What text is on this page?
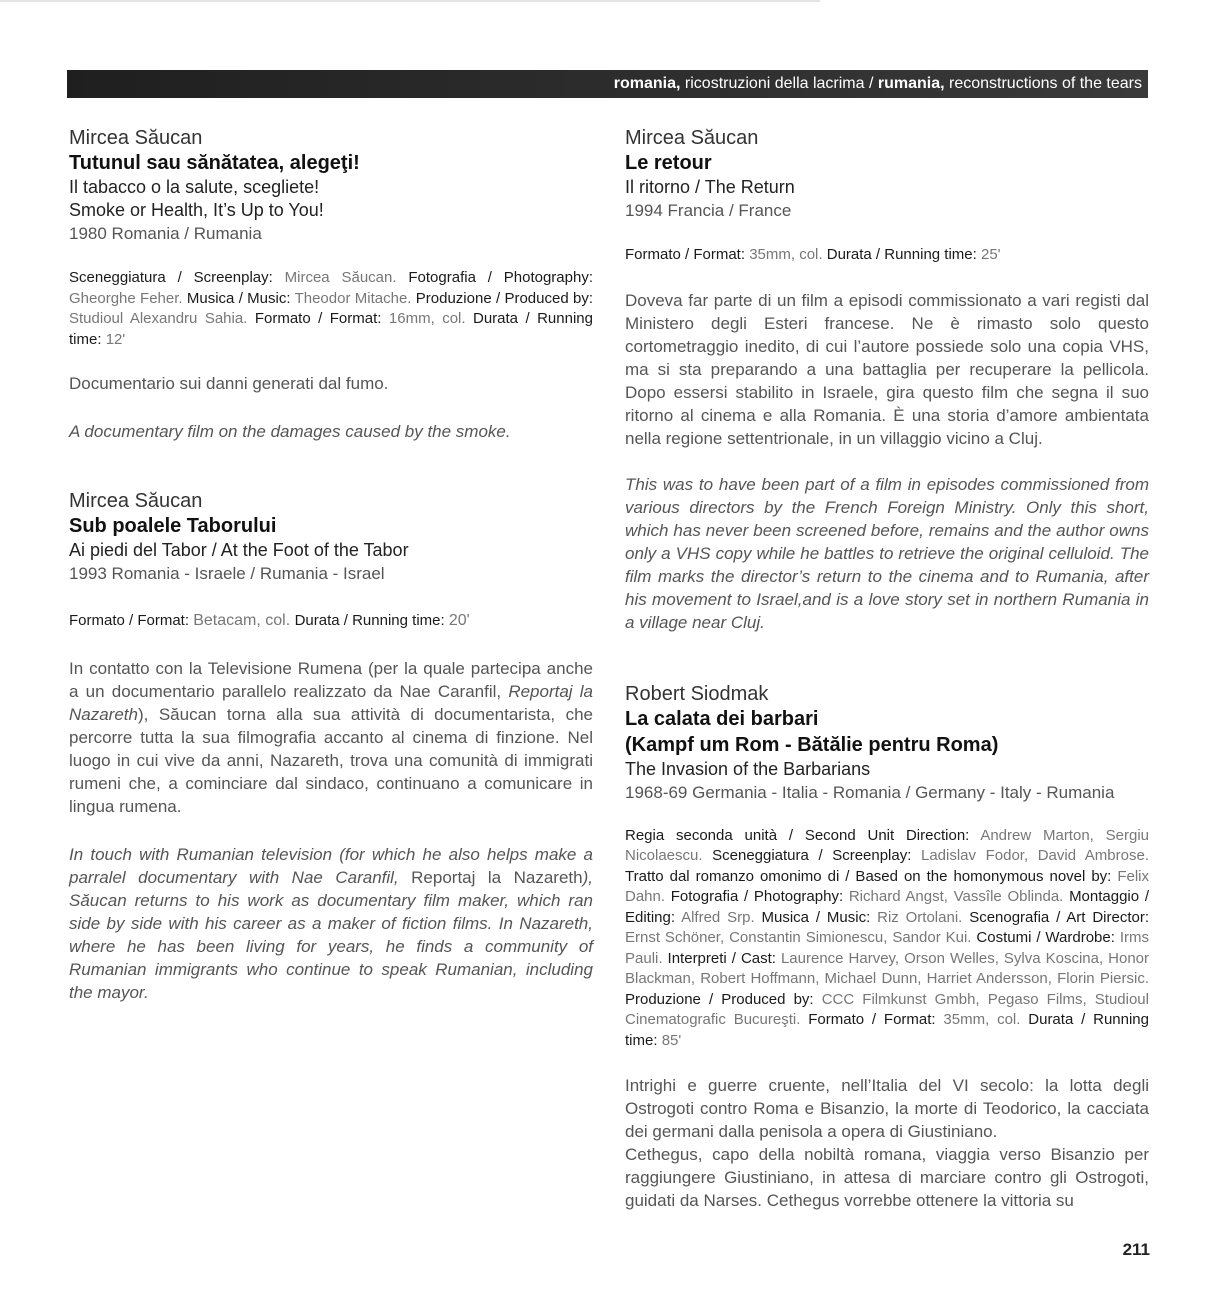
romania, ricostruzioni della lacrima / rumania, reconstructions of the tears

Mircea Săucan

Tutunul sau sănătatea, alegeţi!

Il tabacco o la salute, scegliete!

Smoke or Health, It’s Up to You!

1980 Romania / Rumania

Sceneggiatura / Screenplay: Mircea Săucan. Fotografia / Photography: Gheorghe Feher. Musica / Music: Theodor Mitache. Produzione / Produced by: Studioul Alexandru Sahia. Formato / Format: 16mm, col. Durata / Running time: 12'

Documentario sui danni generati dal fumo.

A documentary film on the damages caused by the smoke.

Mircea Săucan

Sub poalele Taborului

Ai piedi del Tabor / At the Foot of the Tabor

1993 Romania - Israele / Rumania - Israel

Formato / Format: Betacam, col. Durata / Running time: 20'

In contatto con la Televisione Rumena (per la quale partecipa anche a un documentario parallelo realizzato da Nae Caranfil, Reportaj la Nazareth), Săucan torna alla sua attività di documentarista, che percorre tutta la sua filmografia accanto al cinema di finzione. Nel luogo in cui vive da anni, Nazareth, trova una comunità di immigrati rumeni che, a cominciare dal sindaco, continuano a comunicare in lingua rumena.

In touch with Rumanian television (for which he also helps make a parralel documentary with Nae Caranfil, Reportaj la Nazareth), Săucan returns to his work as documentary film maker, which ran side by side with his career as a maker of fiction films. In Nazareth, where he has been living for years, he finds a community of Rumanian immigrants who continue to speak Rumanian, including the mayor.

Mircea Săucan

Le retour

Il ritorno / The Return

1994 Francia / France

Formato / Format: 35mm, col. Durata / Running time: 25'

Doveva far parte di un film a episodi commissionato a vari registi dal Ministero degli Esteri francese. Ne è rimasto solo questo cortometraggio inedito, di cui l’autore possiede solo una copia VHS, ma si sta preparando a una battaglia per recuperare la pellicola. Dopo essersi stabilito in Israele, gira questo film che segna il suo ritorno al cinema e alla Romania. È una storia d’amore ambientata nella regione settentrionale, in un villaggio vicino a Cluj.

This was to have been part of a film in episodes commissioned from various directors by the French Foreign Ministry. Only this short, which has never been screened before, remains and the author owns only a VHS copy while he battles to retrieve the original celluloid. The film marks the director’s return to the cinema and to Rumania, after his movement to Israel,and is a love story set in northern Rumania in a village near Cluj.

Robert Siodmak

La calata dei barbari

(Kampf um Rom - Bătălie pentru Roma)

The Invasion of the Barbarians

1968-69 Germania - Italia - Romania / Germany - Italy - Rumania

Regia seconda unità / Second Unit Direction: Andrew Marton, Sergiu Nicolaescu. Sceneggiatura / Screenplay: Ladislav Fodor, David Ambrose. Tratto dal romanzo omonimo di / Based on the homonymous novel by: Felix Dahn. Fotografia / Photography: Richard Angst, Vassîle Oblinda. Montaggio / Editing: Alfred Srp. Musica / Music: Riz Ortolani. Scenografia / Art Director: Ernst Schöner, Constantin Simionescu, Sandor Kui. Costumi / Wardrobe: Irms Pauli. Interpreti / Cast: Laurence Harvey, Orson Welles, Sylva Koscina, Honor Blackman, Robert Hoffmann, Michael Dunn, Harriet Andersson, Florin Piersic. Produzione / Produced by: CCC Filmkunst Gmbh, Pegaso Films, Studioul Cinematografic Bucureşti. Formato / Format: 35mm, col. Durata / Running time: 85'

Intrighi e guerre cruente, nell’Italia del VI secolo: la lotta degli Ostrogoti contro Roma e Bisanzio, la morte di Teodorico, la cacciata dei germani dalla penisola a opera di Giustiniano.

Cethegus, capo della nobiltà romana, viaggia verso Bisanzio per raggiungere Giustiniano, in attesa di marciare contro gli Ostrogoti, guidati da Narses. Cethegus vorrebbe ottenere la vittoria su

211
